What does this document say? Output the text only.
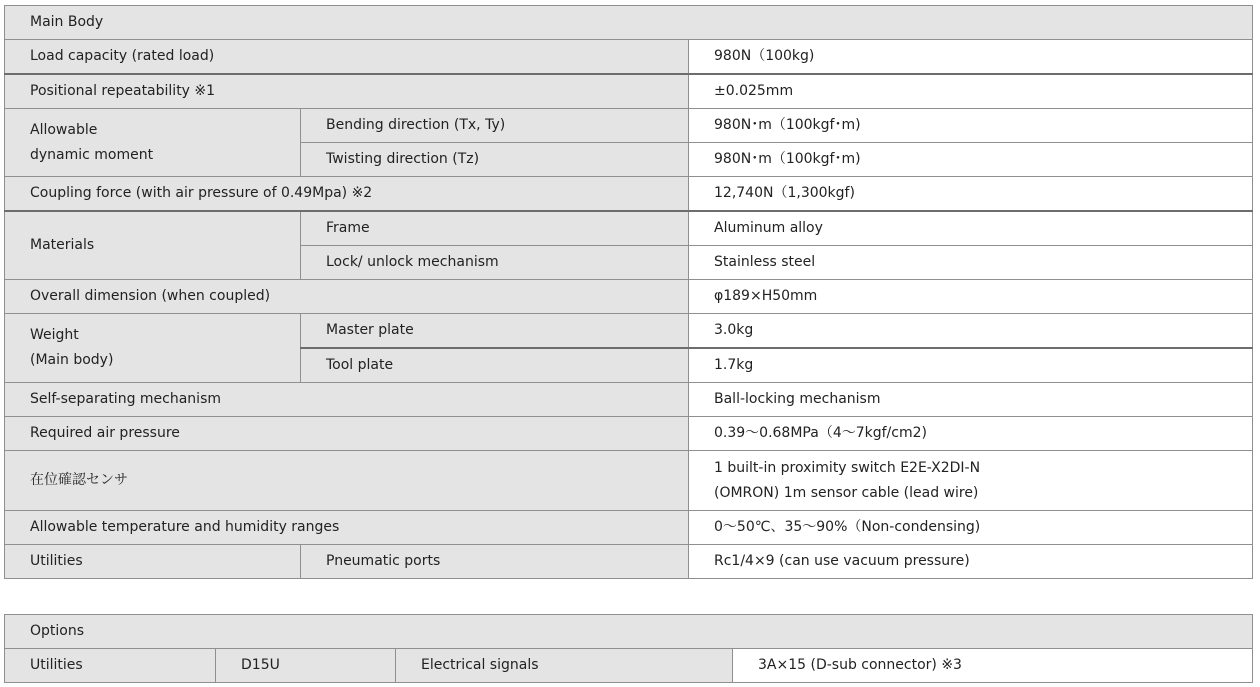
Main Body		
Load capacity (rated load)		980N（100kg)
Positional repeatability ※1		±0.025mm

Allowable
dynamic moment	Bending direction (Tx, Ty)	980N･m（100kgf･m)
	Twisting direction (Tz)	980N･m（100kgf･m)
Coupling force (with air pressure of 0.49Mpa) ※2		12,740N（1,300kgf)
Materials	Frame	Aluminum alloy
	Lock/ unlock mechanism	Stainless steel
Overall dimension (when coupled)		φ189×H50mm

Weight
(Main body)	Master plate	3.0kg
	Tool plate	1.7kg
Self-separating mechanism		Ball-locking mechanism
Required air pressure		0.39～0.68MPa（4～7kgf/cm2)
在位確認センサ		1 built-in proximity switch E2E-X2DI-N
(OMRON) 1m sensor cable (lead wire)

Allowable temperature and humidity ranges		0～50℃、35～90%（Non-condensing)
Utilities	Pneumatic ports	Rc1/4×9 (can use vacuum pressure)
Options
Utilities	D15U	Electrical signals	3A×15 (D-sub connector) ※3
